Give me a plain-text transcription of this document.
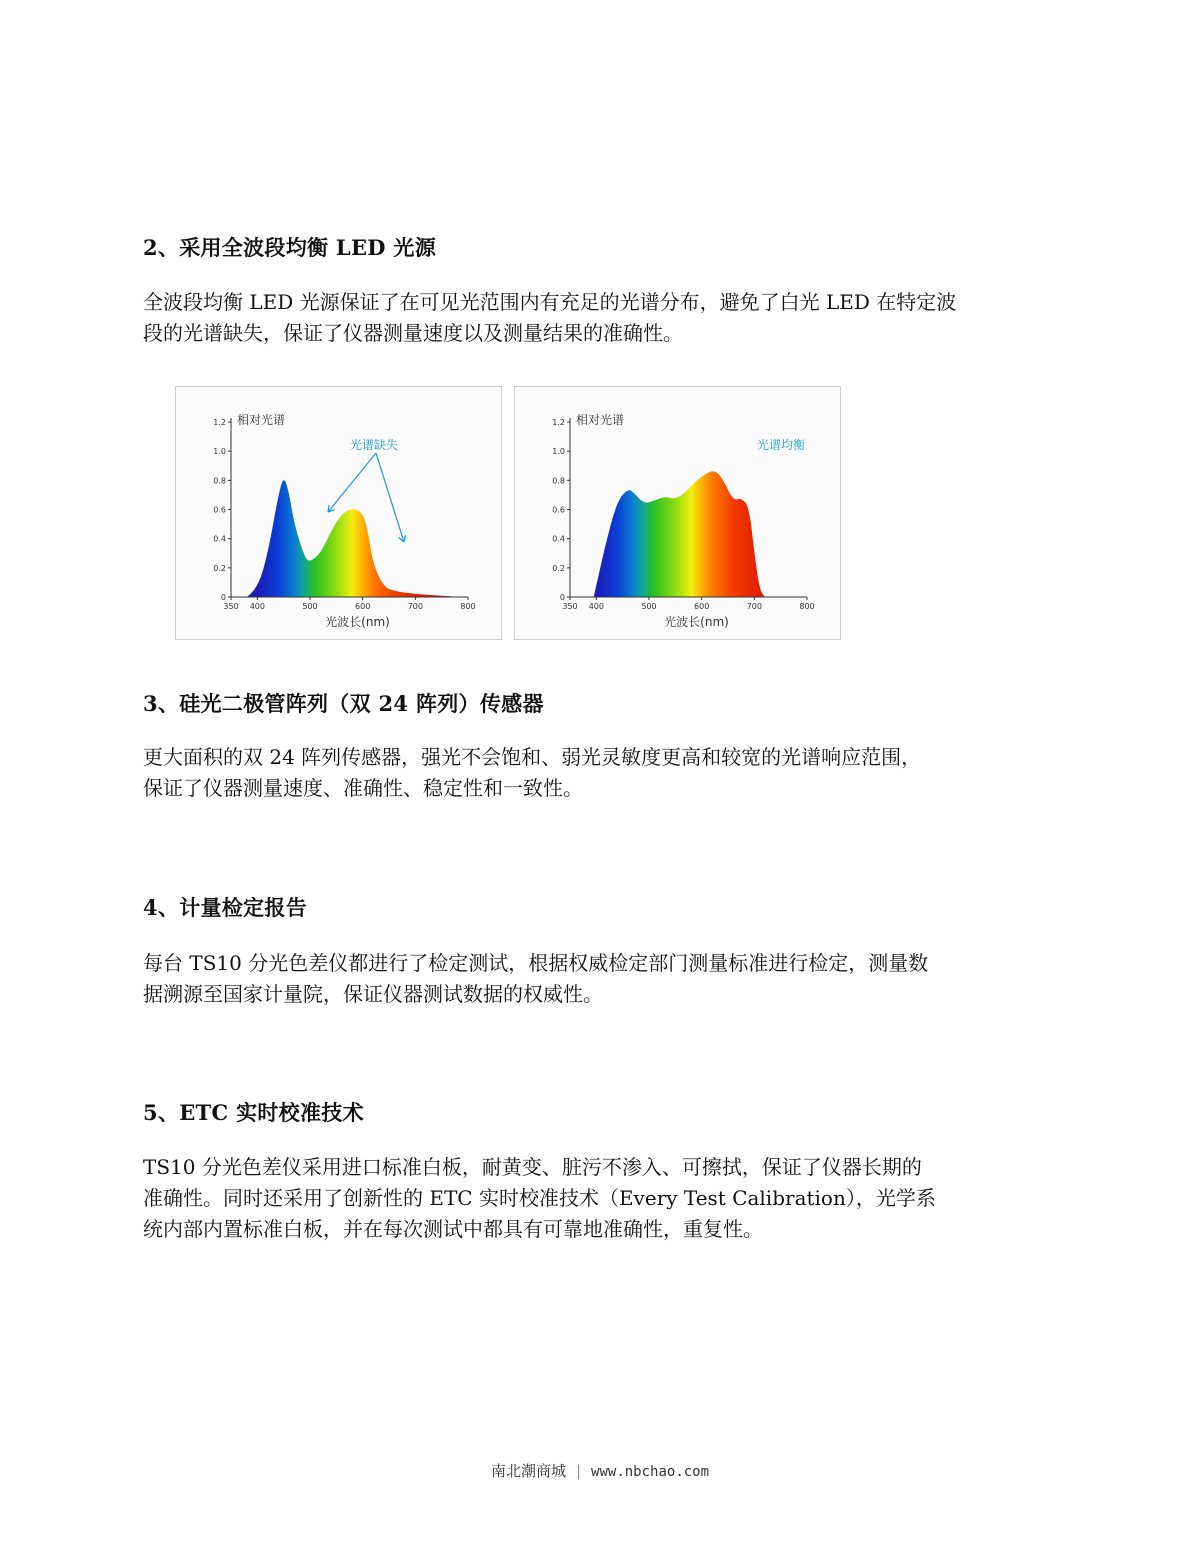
2、采用全波段均衡 LED 光源
全波段均衡 LED 光源保证了在可见光范围内有充足的光谱分布，避免了白光 LED 在特定波
段的光谱缺失，保证了仪器测量速度以及测量结果的准确性。
0
0.2
0.4
0.6
0.8
1.0
1.2
350 400	500	600	700	800
相对光谱
光波长(nm)
光谱缺失
0
0.2
0.4
0.6
0.8
1.0
1.2
350 400	500	600	700	800
相对光谱
光波长(nm)
光谱均衡
3、硅光二极管阵列（双 24 阵列）传感器
更大面积的双 24 阵列传感器，强光不会饱和、弱光灵敏度更高和较宽的光谱响应范围，
保证了仪器测量速度、准确性、稳定性和一致性。
4、计量检定报告
每台 TS10 分光色差仪都进行了检定测试，根据权威检定部门测量标准进行检定，测量数
据溯源至国家计量院，保证仪器测试数据的权威性。
5、ETC 实时校准技术
TS10 分光色差仪采用进口标准白板，耐黄变、脏污不渗入、可擦拭，保证了仪器长期的
准确性。同时还采用了创新性的 ETC 实时校准技术（Every Test Calibration），光学系
统内部内置标准白板，并在每次测试中都具有可靠地准确性，重复性。
南北潮商城 | www.nbchao.com
